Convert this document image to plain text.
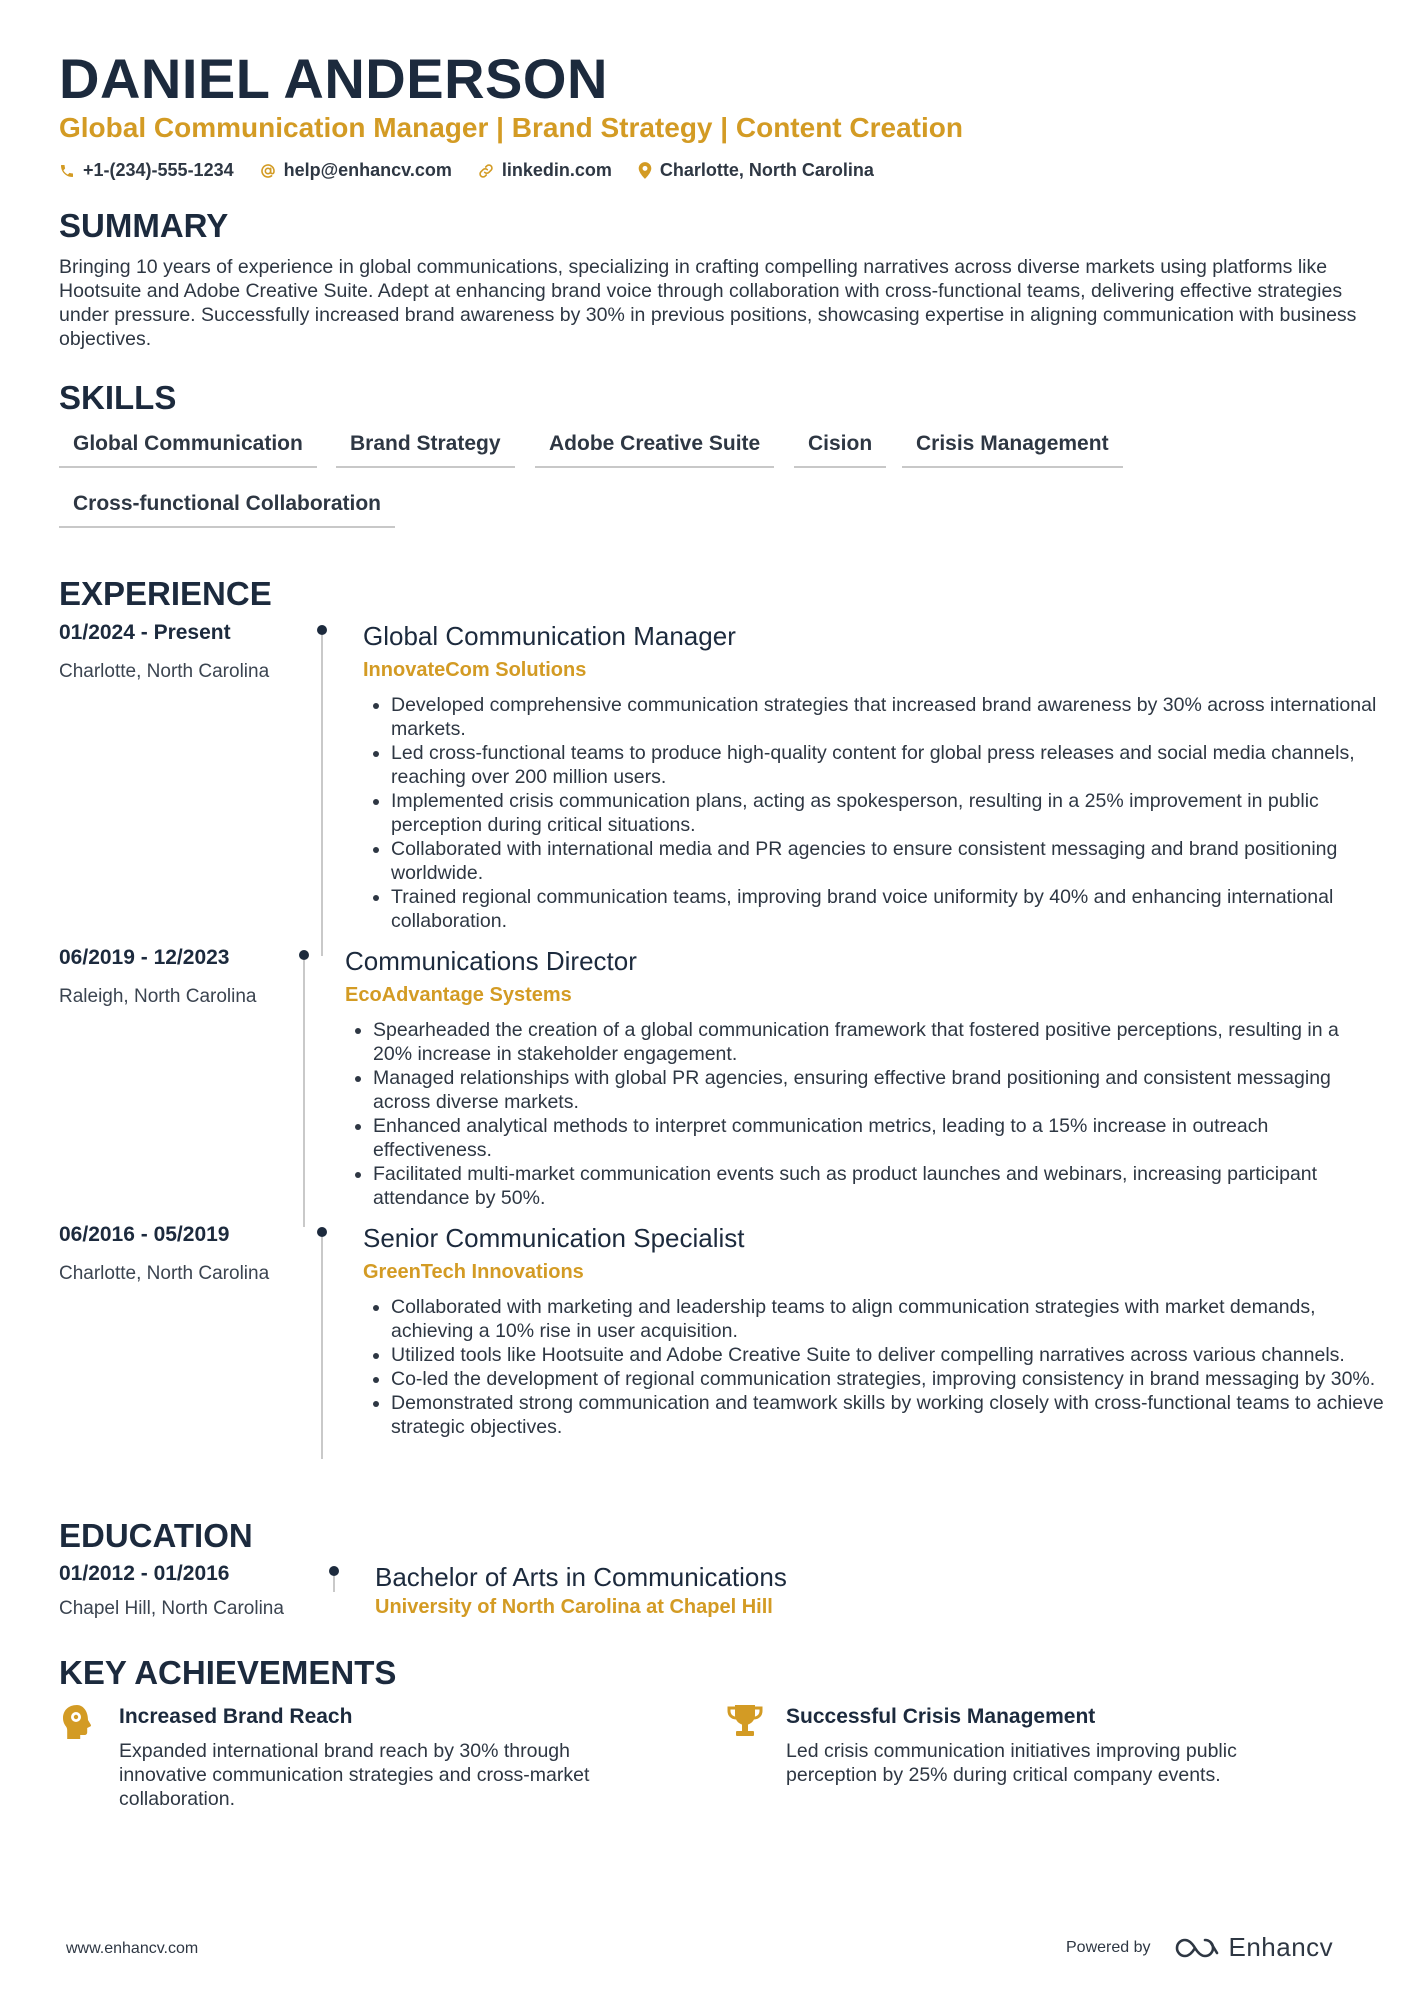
DANIEL ANDERSON

Global Communication Manager | Brand Strategy | Content Creation

+1-(234)-555-1234	help@enhancv.com	linkedin.com	Charlotte, North Carolina
SUMMARY

Bringing 10 years of experience in global communications, specializing in crafting compelling narratives across diverse markets using platforms like Hootsuite and Adobe Creative Suite. Adept at enhancing brand voice through collaboration with cross-functional teams, delivering effective strategies under pressure. Successfully increased brand awareness by 30% in previous positions, showcasing expertise in aligning communication with business objectives.

SKILLS
Global Communication	Brand Strategy	Adobe Creative Suite	Cision	Crisis Management
Cross-functional Collaboration
EXPERIENCE
01/2024 - Present
Charlotte, North Carolina
Global Communication Manager
InnovateCom Solutions
• Developed comprehensive communication strategies that increased brand awareness by 30% across international markets.
• Led cross-functional teams to produce high-quality content for global press releases and social media channels, reaching over 200 million users.
• Implemented crisis communication plans, acting as spokesperson, resulting in a 25% improvement in public perception during critical situations.
• Collaborated with international media and PR agencies to ensure consistent messaging and brand positioning worldwide.
• Trained regional communication teams, improving brand voice uniformity by 40% and enhancing international collaboration.
06/2019 - 12/2023
Raleigh, North Carolina
Communications Director
EcoAdvantage Systems
• Spearheaded the creation of a global communication framework that fostered positive perceptions, resulting in a 20% increase in stakeholder engagement.
• Managed relationships with global PR agencies, ensuring effective brand positioning and consistent messaging across diverse markets.
• Enhanced analytical methods to interpret communication metrics, leading to a 15% increase in outreach effectiveness.
• Facilitated multi-market communication events such as product launches and webinars, increasing participant attendance by 50%.
06/2016 - 05/2019
Charlotte, North Carolina
Senior Communication Specialist
GreenTech Innovations
• Collaborated with marketing and leadership teams to align communication strategies with market demands, achieving a 10% rise in user acquisition.
• Utilized tools like Hootsuite and Adobe Creative Suite to deliver compelling narratives across various channels.
• Co-led the development of regional communication strategies, improving consistency in brand messaging by 30%.
• Demonstrated strong communication and teamwork skills by working closely with cross-functional teams to achieve strategic objectives.
EDUCATION
01/2012 - 01/2016
Chapel Hill, North Carolina
Bachelor of Arts in Communications
University of North Carolina at Chapel Hill
KEY ACHIEVEMENTS
Increased Brand Reach

Expanded international brand reach by 30% through innovative communication strategies and cross-market collaboration.

Successful Crisis Management

Led crisis communication initiatives improving public perception by 25% during critical company events.

www.enhancv.com	Powered by	Enhancv
